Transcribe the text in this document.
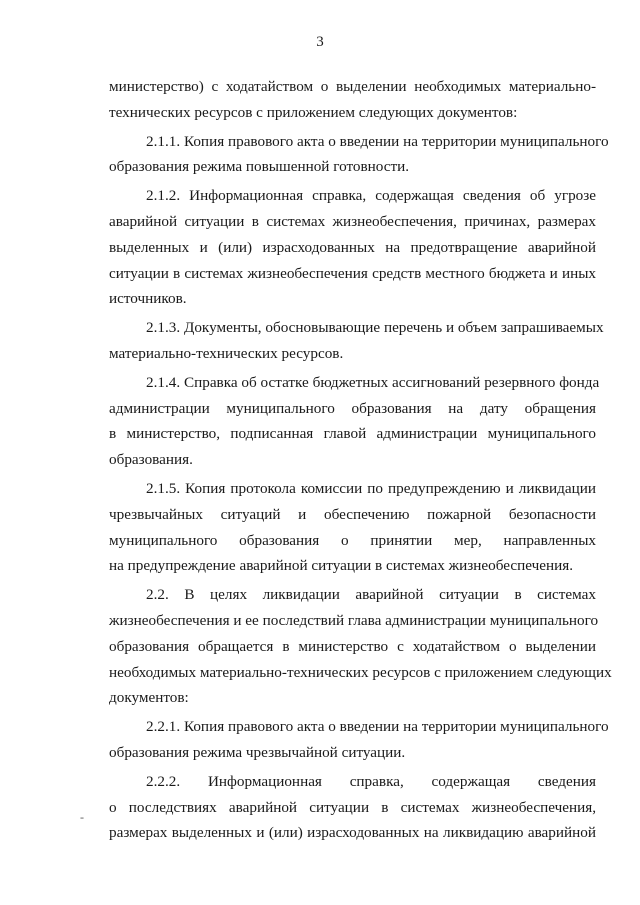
3
министерство) с ходатайством о выделении необходимых материально-
технических ресурсов с приложением следующих документов:
2.1.1. Копия правового акта о введении на территории муниципального
образования режима повышенной готовности.
2.1.2. Информационная справка, содержащая сведения об угрозе
аварийной ситуации в системах жизнеобеспечения, причинах, размерах
выделенных и (или) израсходованных на предотвращение аварийной
ситуации в системах жизнеобеспечения средств местного бюджета и иных
источников.
2.1.3. Документы, обосновывающие перечень и объем запрашиваемых
материально-технических ресурсов.
2.1.4. Справка об остатке бюджетных ассигнований резервного фонда
администрации муниципального образования на дату обращения
в министерство, подписанная главой администрации муниципального
образования.
2.1.5. Копия протокола комиссии по предупреждению и ликвидации
чрезвычайных ситуаций и обеспечению пожарной безопасности
муниципального образования о принятии мер, направленных
на предупреждение аварийной ситуации в системах жизнеобеспечения.
2.2. В целях ликвидации аварийной ситуации в системах
жизнеобеспечения и ее последствий глава администрации муниципального
образования обращается в министерство с ходатайством о выделении
необходимых материально-технических ресурсов с приложением следующих
документов:
2.2.1. Копия правового акта о введении на территории муниципального
образования режима чрезвычайной ситуации.
2.2.2. Информационная справка, содержащая сведения
о последствиях аварийной ситуации в системах жизнеобеспечения,
размерах выделенных и (или) израсходованных на ликвидацию аварийной
-
